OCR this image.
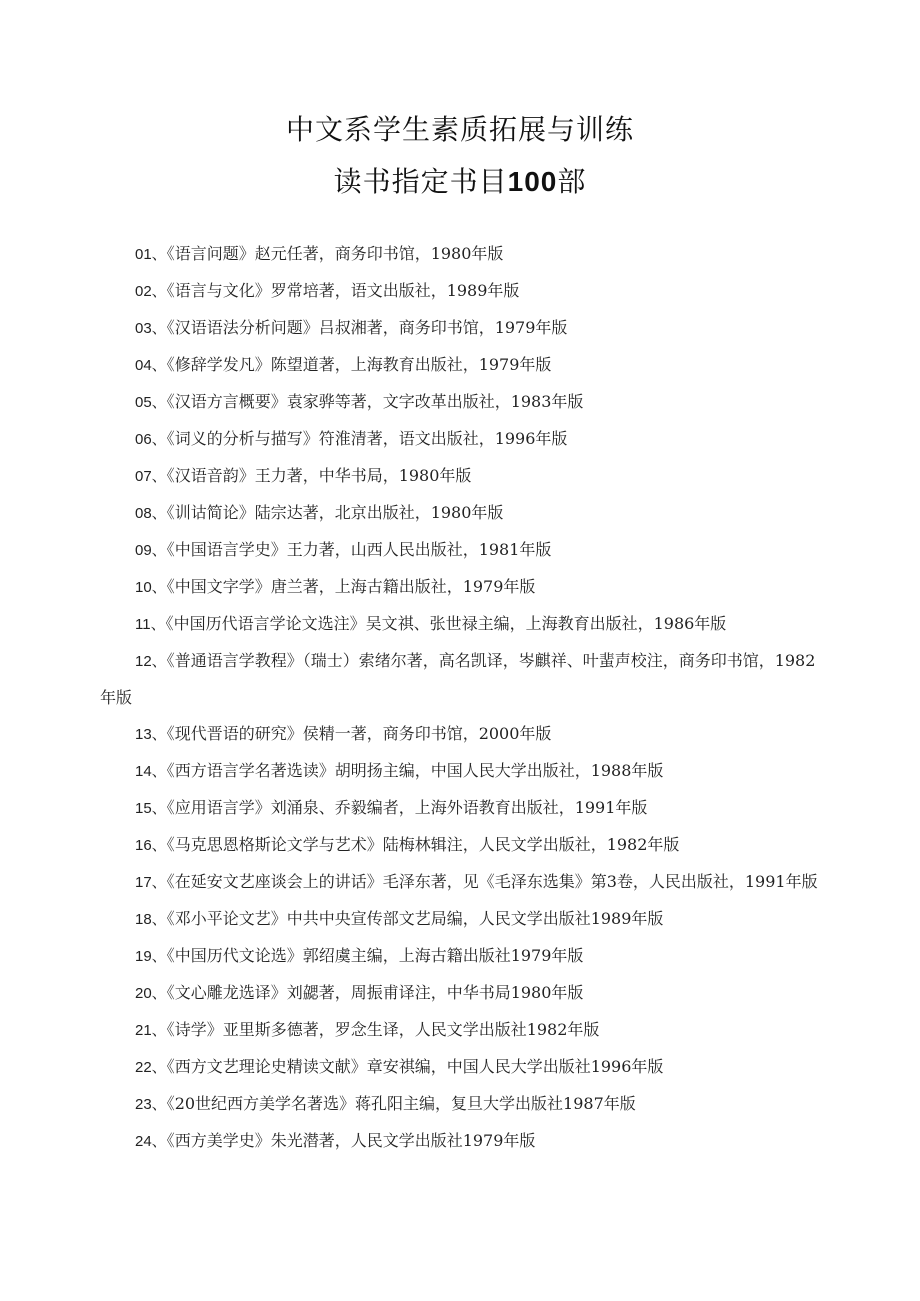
中文系学生素质拓展与训练
读书指定书目100部
01、《语言问题》赵元任著，商务印书馆，1980年版
02、《语言与文化》罗常培著，语文出版社，1989年版
03、《汉语语法分析问题》吕叔湘著，商务印书馆，1979年版
04、《修辞学发凡》陈望道著，上海教育出版社，1979年版
05、《汉语方言概要》袁家骅等著，文字改革出版社，1983年版
06、《词义的分析与描写》符淮清著，语文出版社，1996年版
07、《汉语音韵》王力著，中华书局，1980年版
08、《训诂简论》陆宗达著，北京出版社，1980年版
09、《中国语言学史》王力著，山西人民出版社，1981年版
10、《中国文字学》唐兰著，上海古籍出版社，1979年版
11、《中国历代语言学论文选注》吴文祺、张世禄主编，上海教育出版社，1986年版
12、《普通语言学教程》（瑞士）索绪尔著，高名凯译，岑麒祥、叶蜚声校注，商务印书馆，1982年版
13、《现代晋语的研究》侯精一著，商务印书馆，2000年版
14、《西方语言学名著选读》胡明扬主编，中国人民大学出版社，1988年版
15、《应用语言学》刘涌泉、乔毅编者，上海外语教育出版社，1991年版
16、《马克思恩格斯论文学与艺术》陆梅林辑注，人民文学出版社，1982年版
17、《在延安文艺座谈会上的讲话》毛泽东著，见《毛泽东选集》第3卷，人民出版社，1991年版
18、《邓小平论文艺》中共中央宣传部文艺局编，人民文学出版社1989年版
19、《中国历代文论选》郭绍虞主编，上海古籍出版社1979年版
20、《文心雕龙选译》刘勰著，周振甫译注，中华书局1980年版
21、《诗学》亚里斯多德著，罗念生译，人民文学出版社1982年版
22、《西方文艺理论史精读文献》章安祺编，中国人民大学出版社1996年版
23、《20世纪西方美学名著选》蒋孔阳主编，复旦大学出版社1987年版
24、《西方美学史》朱光潜著，人民文学出版社1979年版
